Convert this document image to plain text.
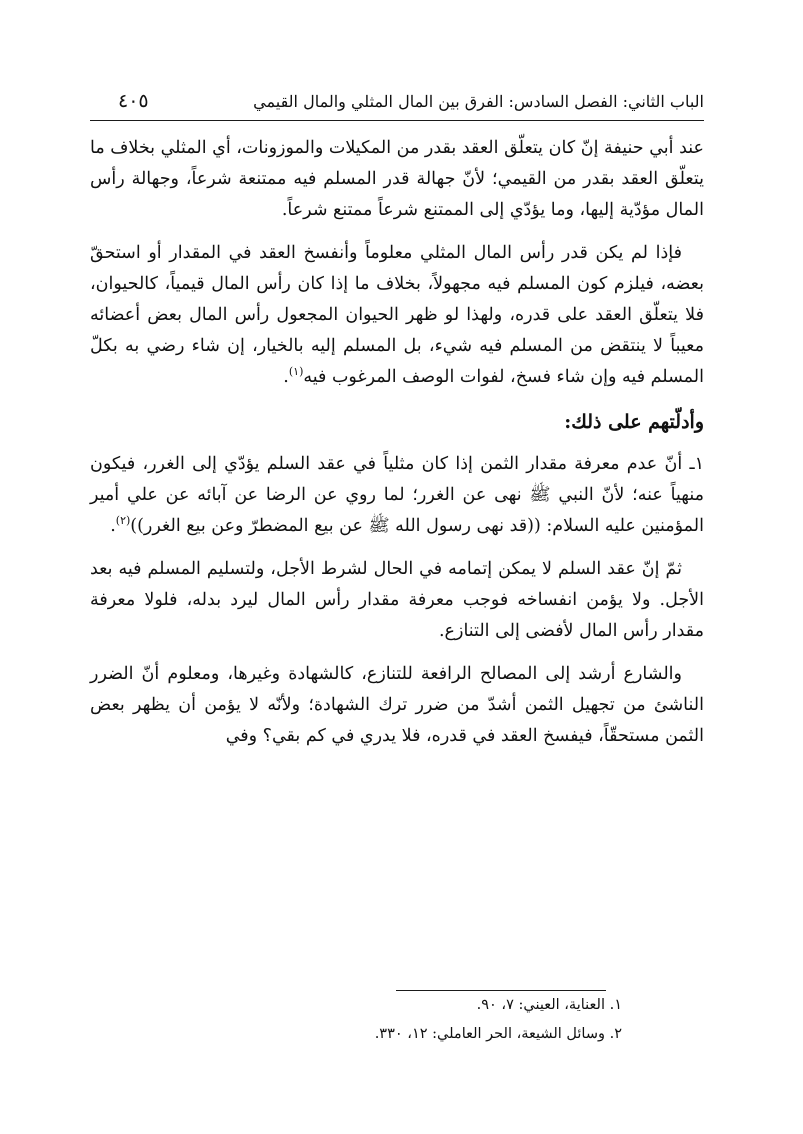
الباب الثاني: الفصل السادس: الفرق بين المال المثلي والمال القيمي
٤٠٥

عند أبي حنيفة إنّ كان يتعلّق العقد بقدر من المكيلات والموزونات، أي المثلي بخلاف ما يتعلّق العقد بقدر من القيمي؛ لأنّ جهالة قدر المسلم فيه ممتنعة شرعاً، وجهالة رأس المال مؤدّية إليها، وما يؤدّي إلى الممتنع شرعاً ممتنع شرعاً.

فإذا لم يكن قدر رأس المال المثلي معلوماً وأنفسخ العقد في المقدار أو استحقّ بعضه، فيلزم كون المسلم فيه مجهولاً، بخلاف ما إذا كان رأس المال قيمياً، كالحيوان، فلا يتعلّق العقد على قدره، ولهذا لو ظهر الحيوان المجعول رأس المال بعض أعضائه معيباً لا ينتقض من المسلم فيه شيء، بل المسلم إليه بالخيار، إن شاء رضي به بكلّ المسلم فيه وإن شاء فسخ، لفوات الوصف المرغوب فيه$^{(١)}$.

وأدلّتهم على ذلك:

١ـ أنّ عدم معرفة مقدار الثمن إذا كان مثلياً في عقد السلم يؤدّي إلى الغرر، فيكون منهياً عنه؛ لأنّ النبي ﷺ نهى عن الغرر؛ لما روي عن الرضا عن آبائه عن علي أمير المؤمنين عليه السلام: ((قد نهى رسول الله ﷺ عن بيع المضطرّ وعن بيع الغرر))$^{(٢)}$.

ثمّ إنّ عقد السلم لا يمكن إتمامه في الحال لشرط الأجل، ولتسليم المسلم فيه بعد الأجل. ولا يؤمن انفساخه فوجب معرفة مقدار رأس المال ليرد بدله، فلولا معرفة مقدار رأس المال لأفضى إلى التنازع.

والشارع أرشد إلى المصالح الرافعة للتنازع، كالشهادة وغيرها، ومعلوم أنّ الضرر الناشئ من تجهيل الثمن أشدّ من ضرر ترك الشهادة؛ ولأنّه لا يؤمن أن يظهر بعض الثمن مستحقّاً، فيفسخ العقد في قدره، فلا يدري في كم بقي؟ وفي

١. العناية، العيني: ٧، ٩٠.
٢. وسائل الشيعة، الحر العاملي: ١٢، ٣٣٠.
